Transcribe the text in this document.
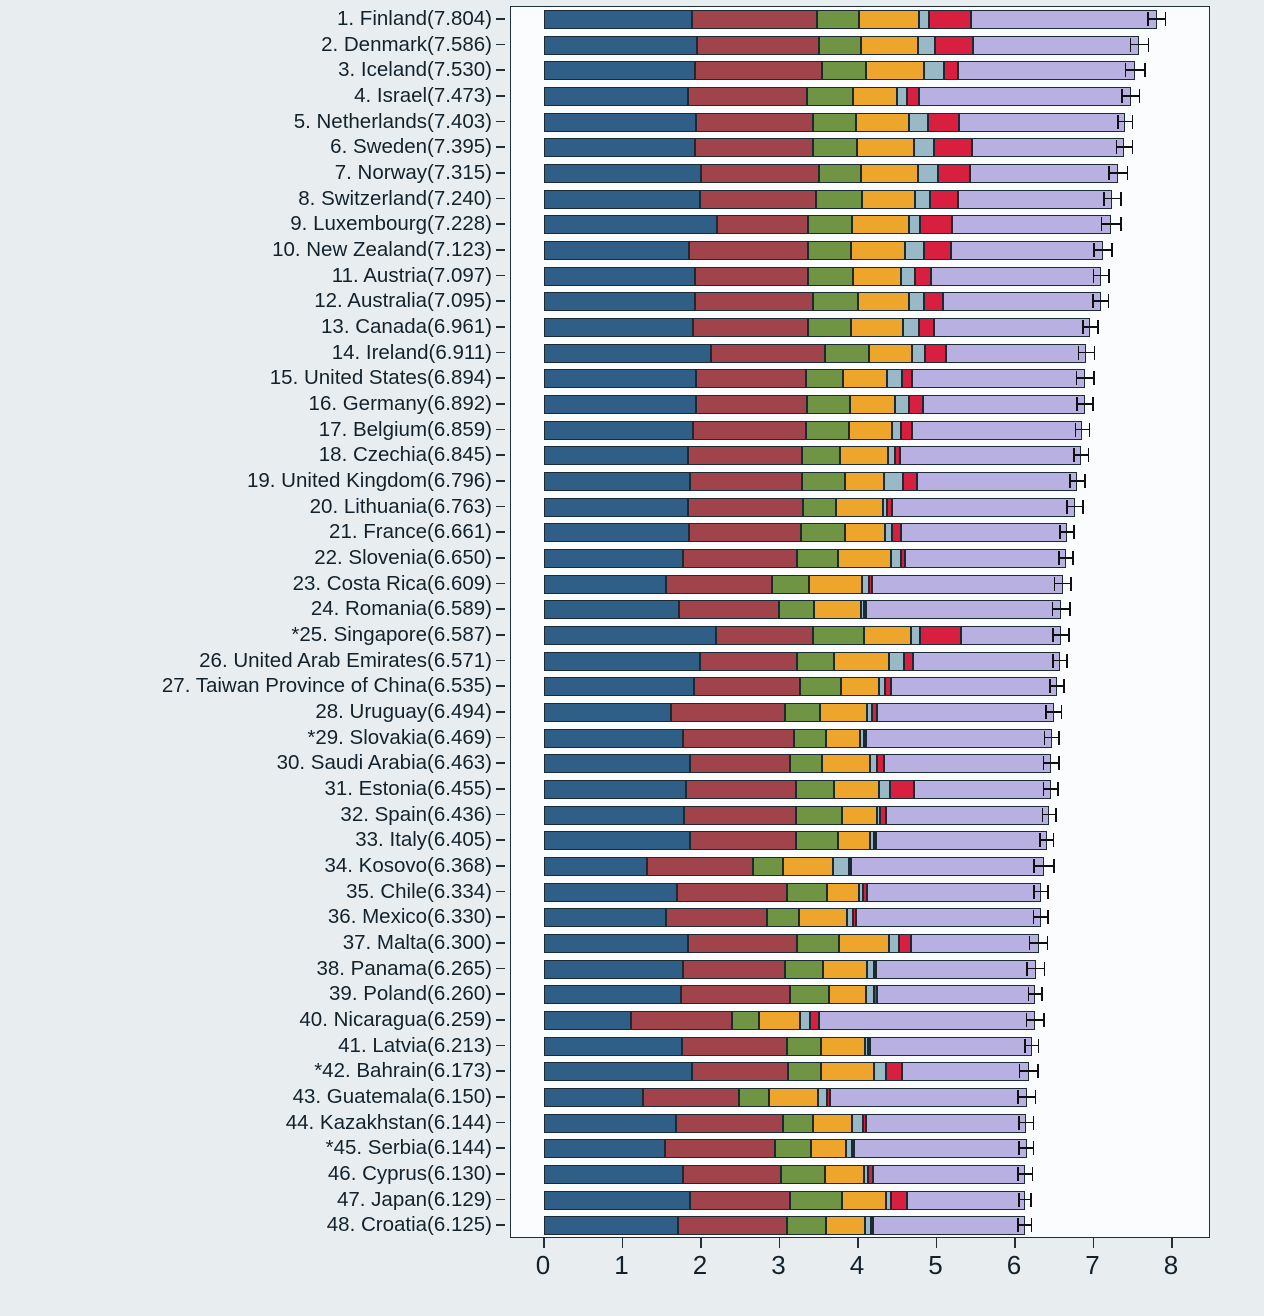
1. Finland(7.804)
2. Denmark(7.586)
3. Iceland(7.530)
4. Israel(7.473)
5. Netherlands(7.403)
6. Sweden(7.395)
7. Norway(7.315)
8. Switzerland(7.240)
9. Luxembourg(7.228)
10. New Zealand(7.123)
11. Austria(7.097)
12. Australia(7.095)
13. Canada(6.961)
14. Ireland(6.911)
15. United States(6.894)
16. Germany(6.892)
17. Belgium(6.859)
18. Czechia(6.845)
19. United Kingdom(6.796)
20. Lithuania(6.763)
21. France(6.661)
22. Slovenia(6.650)
23. Costa Rica(6.609)
24. Romania(6.589)
*25. Singapore(6.587)
26. United Arab Emirates(6.571)
27. Taiwan Province of China(6.535)
28. Uruguay(6.494)
*29. Slovakia(6.469)
30. Saudi Arabia(6.463)
31. Estonia(6.455)
32. Spain(6.436)
33. Italy(6.405)
34. Kosovo(6.368)
35. Chile(6.334)
36. Mexico(6.330)
37. Malta(6.300)
38. Panama(6.265)
39. Poland(6.260)
40. Nicaragua(6.259)
41. Latvia(6.213)
*42. Bahrain(6.173)
43. Guatemala(6.150)
44. Kazakhstan(6.144)
*45. Serbia(6.144)
46. Cyprus(6.130)
47. Japan(6.129)
48. Croatia(6.125)
0 1 2 3 4 5 6 7 8
